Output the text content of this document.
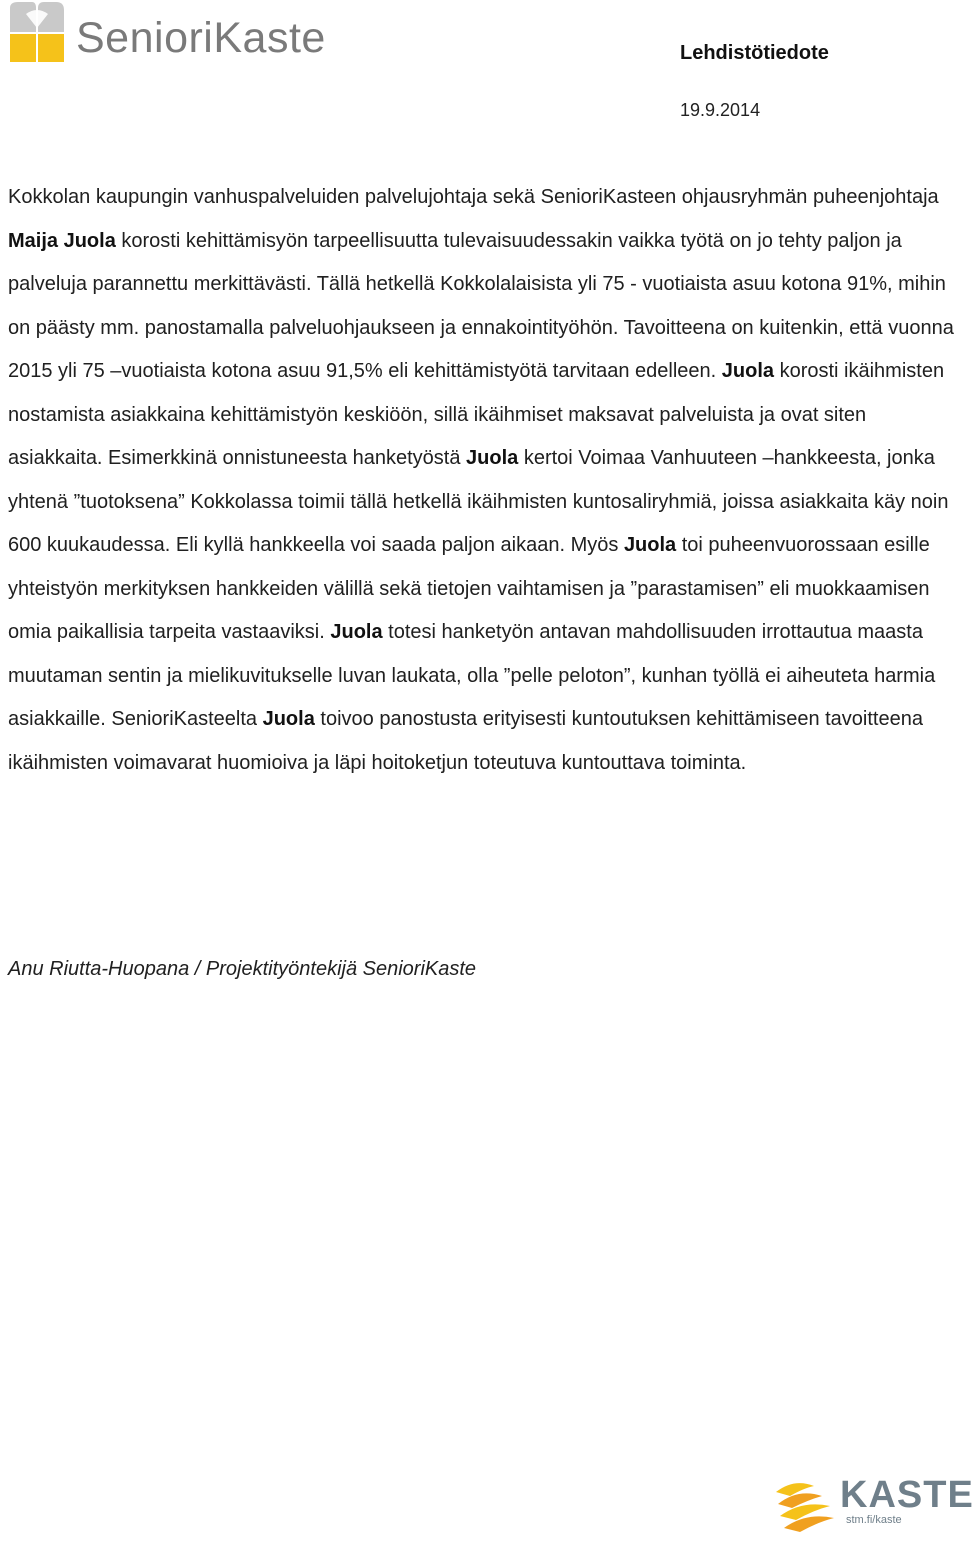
SenioriKaste	Lehdistötiedote
19.9.2014

Kokkolan kaupungin vanhuspalveluiden palvelujohtaja sekä SenioriKasteen ohjausryhmän puheenjohtaja Maija Juola korosti kehittämisyön tarpeellisuutta tulevaisuudessakin vaikka työtä on jo tehty paljon ja palveluja parannettu merkittävästi. Tällä hetkellä Kokkolalaisista yli 75 - vuotiaista asuu kotona 91%, mihin on päästy mm. panostamalla palveluohjaukseen ja ennakointityöhön. Tavoitteena on kuitenkin, että vuonna 2015 yli 75 –vuotiaista kotona asuu 91,5% eli kehittämistyötä tarvitaan edelleen. Juola korosti ikäihmisten nostamista asiakkaina kehittämistyön keskiöön, sillä ikäihmiset maksavat palveluista ja ovat siten asiakkaita. Esimerkkinä onnistuneesta hanketyöstä Juola kertoi Voimaa Vanhuuteen –hankkeesta, jonka yhtenä ”tuotoksena” Kokkolassa toimii tällä hetkellä ikäihmisten kuntosaliryhmiä, joissa asiakkaita käy noin 600 kuukaudessa. Eli kyllä hankkeella voi saada paljon aikaan. Myös Juola toi puheenvuorossaan esille yhteistyön merkityksen hankkeiden välillä sekä tietojen vaihtamisen ja ”parastamisen” eli muokkaamisen omia paikallisia tarpeita vastaaviksi. Juola totesi hanketyön antavan mahdollisuuden irrottautua maasta muutaman sentin ja mielikuvitukselle luvan laukata, olla ”pelle peloton”, kunhan työllä ei aiheuteta harmia asiakkaille. SenioriKasteelta Juola toivoo panostusta erityisesti kuntoutuksen kehittämiseen tavoitteena ikäihmisten voimavarat huomioiva ja läpi hoitoketjun toteutuva kuntouttava toiminta.

Anu Riutta-Huopana / Projektityöntekijä SenioriKaste
KASTE
stm.fi/kaste
